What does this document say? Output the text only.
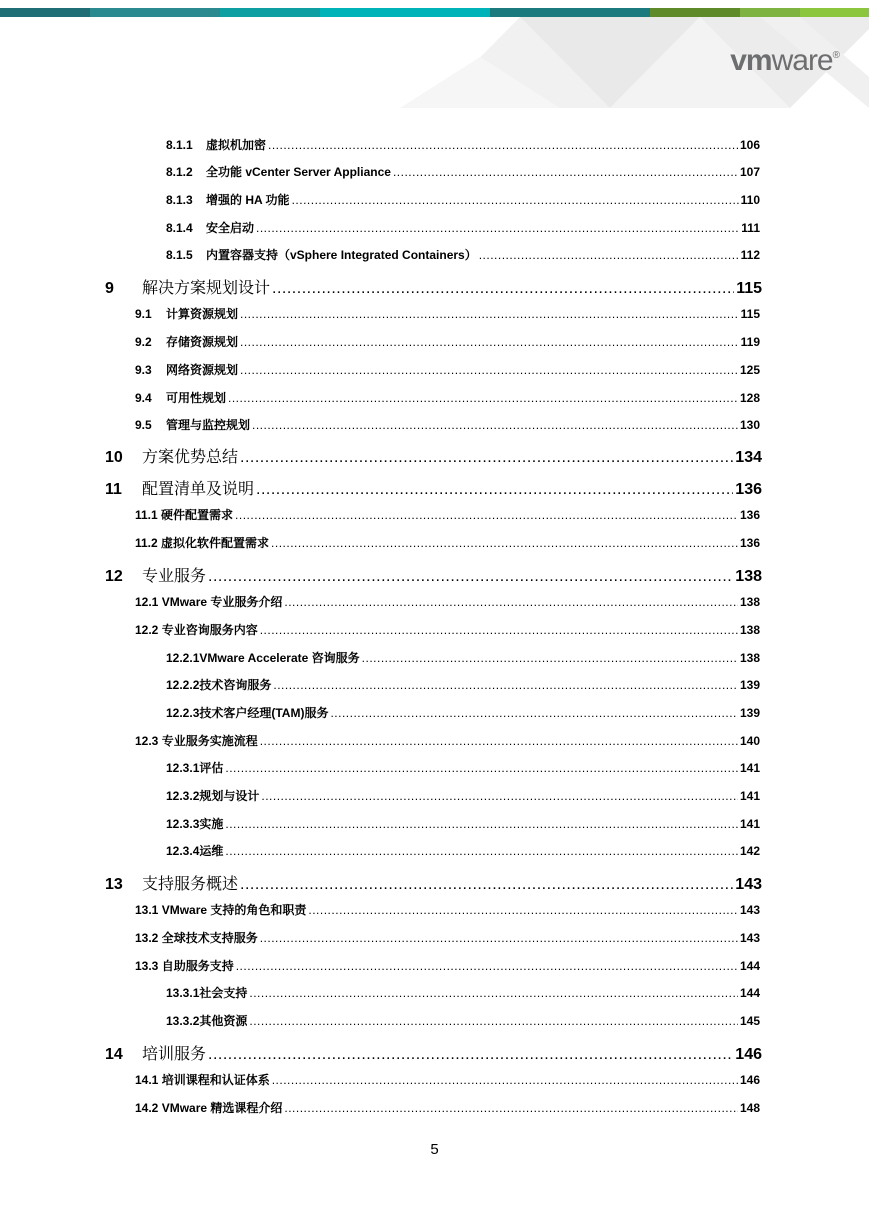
vmware®
8.1.1	虚拟机加密 .....	106
8.1.2	全功能 vCenter Server Appliance .....	107
8.1.3	增强的 HA 功能 .....	110
8.1.4	安全启动 .....	111
8.1.5	内置容器支持（vSphere Integrated Containers） .....	112
9	解决方案规划设计 .....	115
9.1	计算资源规划 .....	115
9.2	存储资源规划 .....	119
9.3	网络资源规划 .....	125
9.4	可用性规划 .....	128
9.5	管理与监控规划 .....	130
10	方案优势总结 .....	134
11	配置清单及说明 .....	136
11.1 硬件配置需求 .....	136
11.2 虚拟化软件配置需求 .....	136
12	专业服务 .....	138
12.1 VMware 专业服务介绍 .....	138
12.2 专业咨询服务内容 .....	138
12.2.1VMware Accelerate 咨询服务 .....	138
12.2.2技术咨询服务 .....	139
12.2.3技术客户经理(TAM)服务 .....	139
12.3 专业服务实施流程 .....	140
12.3.1评估 .....	141
12.3.2规划与设计 .....	141
12.3.3实施 .....	141
12.3.4运维 .....	142
13	支持服务概述 .....	143
13.1 VMware 支持的角色和职责 .....	143
13.2 全球技术支持服务 .....	143
13.3 自助服务支持 .....	144
13.3.1社会支持 .....	144
13.3.2其他资源 .....	145
14	培训服务 .....	146
14.1 培训课程和认证体系 .....	146
14.2 VMware 精选课程介绍 .....	148
5
